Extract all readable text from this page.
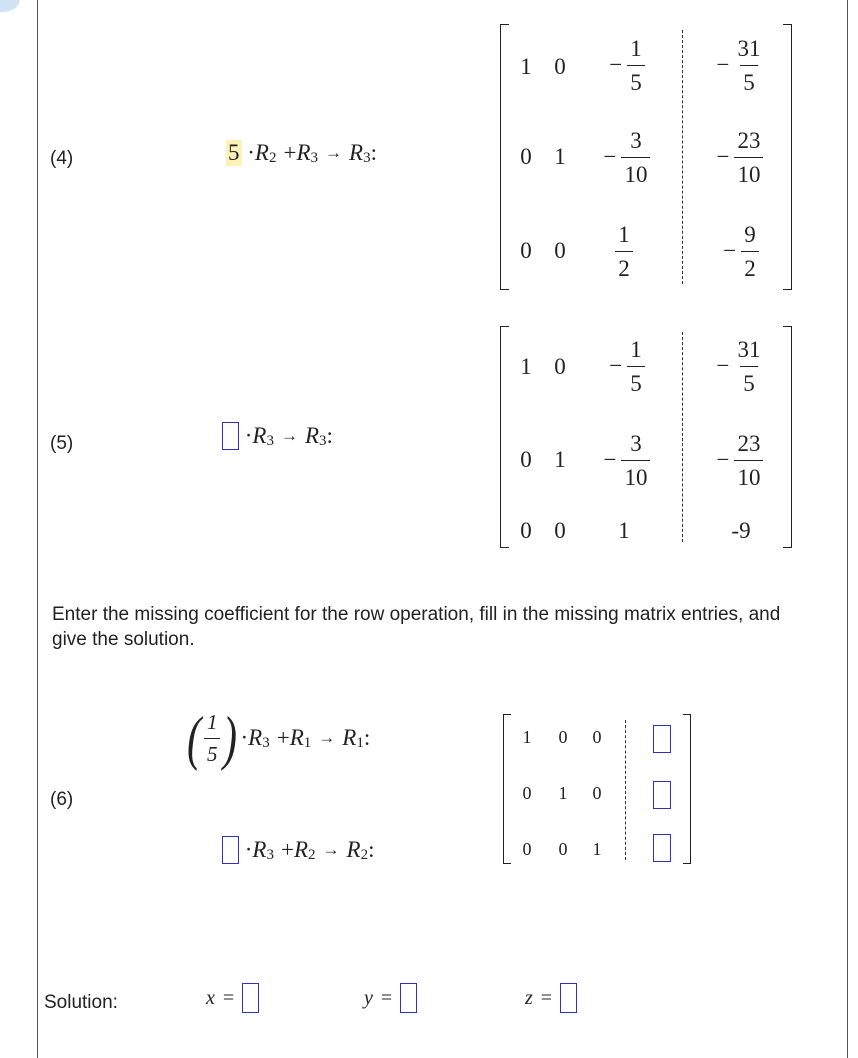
(4)	$5 \cdot R_2 + R_3 \to R_3$ :
1 $0 - \frac{1}{5}$	− $\frac{31}{5}$
0 $1 - \frac{3}{10}$	− $\frac{23}{10}$
0 $0 \frac{1}{2}$	− $\frac{9}{2}$
(5)	· $R_3 \to R_3$ :
1 $0 - \frac{1}{5}$	− $\frac{31}{5}$
0 $1 - \frac{3}{10}$	− $\frac{23}{10}$
0 0 1	-9
Enter the missing coefficient for the row operation, fill in the missing matrix entries, and give the solution.
(6)
( $\frac{1}{5}$ ) · $R_3 + R_1 \to R_1$ :
· $R_3 + R_2 \to R_2$ :
1	0	0
0	1	0
0	0	1
Solution:	x =	y =	z =
